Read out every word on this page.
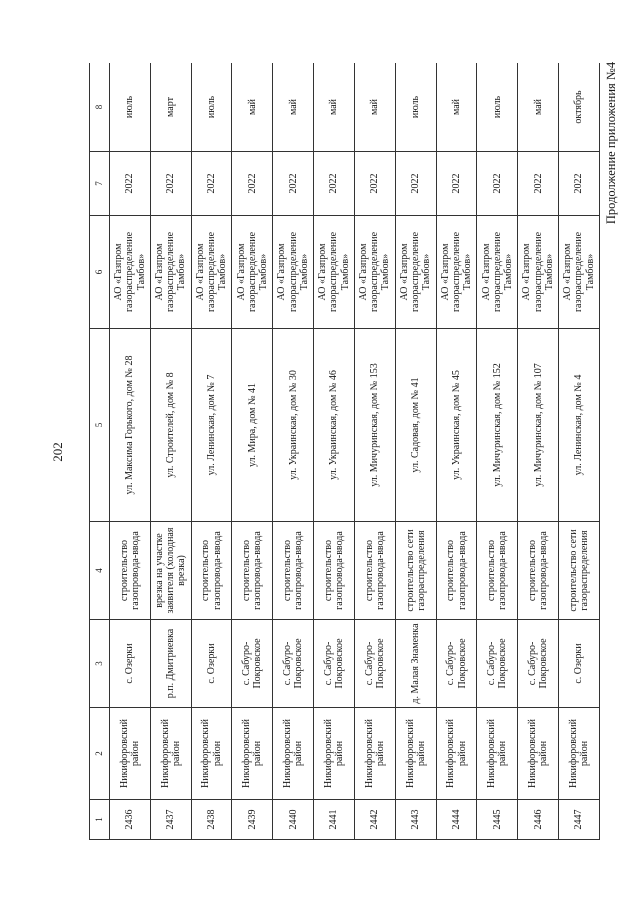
202
Продолжение приложения №4
1	2	3	4	5	6	7	8
2436	Никифоровский район	с. Озерки	строительство газопровода-ввода	ул. Максима Горького, дом № 28	АО «Газпром газораспределение Тамбов»	2022	июль
2437	Никифоровский район	р.п. Дмитриевка	врезка на участке заявителя (холодная врезка)	ул. Строителей, дом № 8	АО «Газпром газораспределение Тамбов»	2022	март
2438	Никифоровский район	с. Озерки	строительство газопровода-ввода	ул. Ленинская, дом № 7	АО «Газпром газораспределение Тамбов»	2022	июль
2439	Никифоровский район	с. Сабуро-Покровское	строительство газопровода-ввода	ул. Мира, дом № 41	АО «Газпром газораспределение Тамбов»	2022	май
2440	Никифоровский район	с. Сабуро-Покровское	строительство газопровода-ввода	ул. Украинская, дом № 30	АО «Газпром газораспределение Тамбов»	2022	май
2441	Никифоровский район	с. Сабуро-Покровское	строительство газопровода-ввода	ул. Украинская, дом № 46	АО «Газпром газораспределение Тамбов»	2022	май
2442	Никифоровский район	с. Сабуро-Покровское	строительство газопровода-ввода	ул. Мичуринская, дом № 153	АО «Газпром газораспределение Тамбов»	2022	май
2443	Никифоровский район	д. Малая Знаменка	строительство сети газораспределения	ул. Садовая, дом № 41	АО «Газпром газораспределение Тамбов»	2022	июль
2444	Никифоровский район	с. Сабуро-Покровское	строительство газопровода-ввода	ул. Украинская, дом № 45	АО «Газпром газораспределение Тамбов»	2022	май
2445	Никифоровский район	с. Сабуро-Покровское	строительство газопровода-ввода	ул. Мичуринская, дом № 152	АО «Газпром газораспределение Тамбов»	2022	июль
2446	Никифоровский район	с. Сабуро-Покровское	строительство газопровода-ввода	ул. Мичуринская, дом № 107	АО «Газпром газораспределение Тамбов»	2022	май
2447	Никифоровский район	с. Озерки	строительство сети газораспределения	ул. Ленинская, дом № 4	АО «Газпром газораспределение Тамбов»	2022	октябрь
